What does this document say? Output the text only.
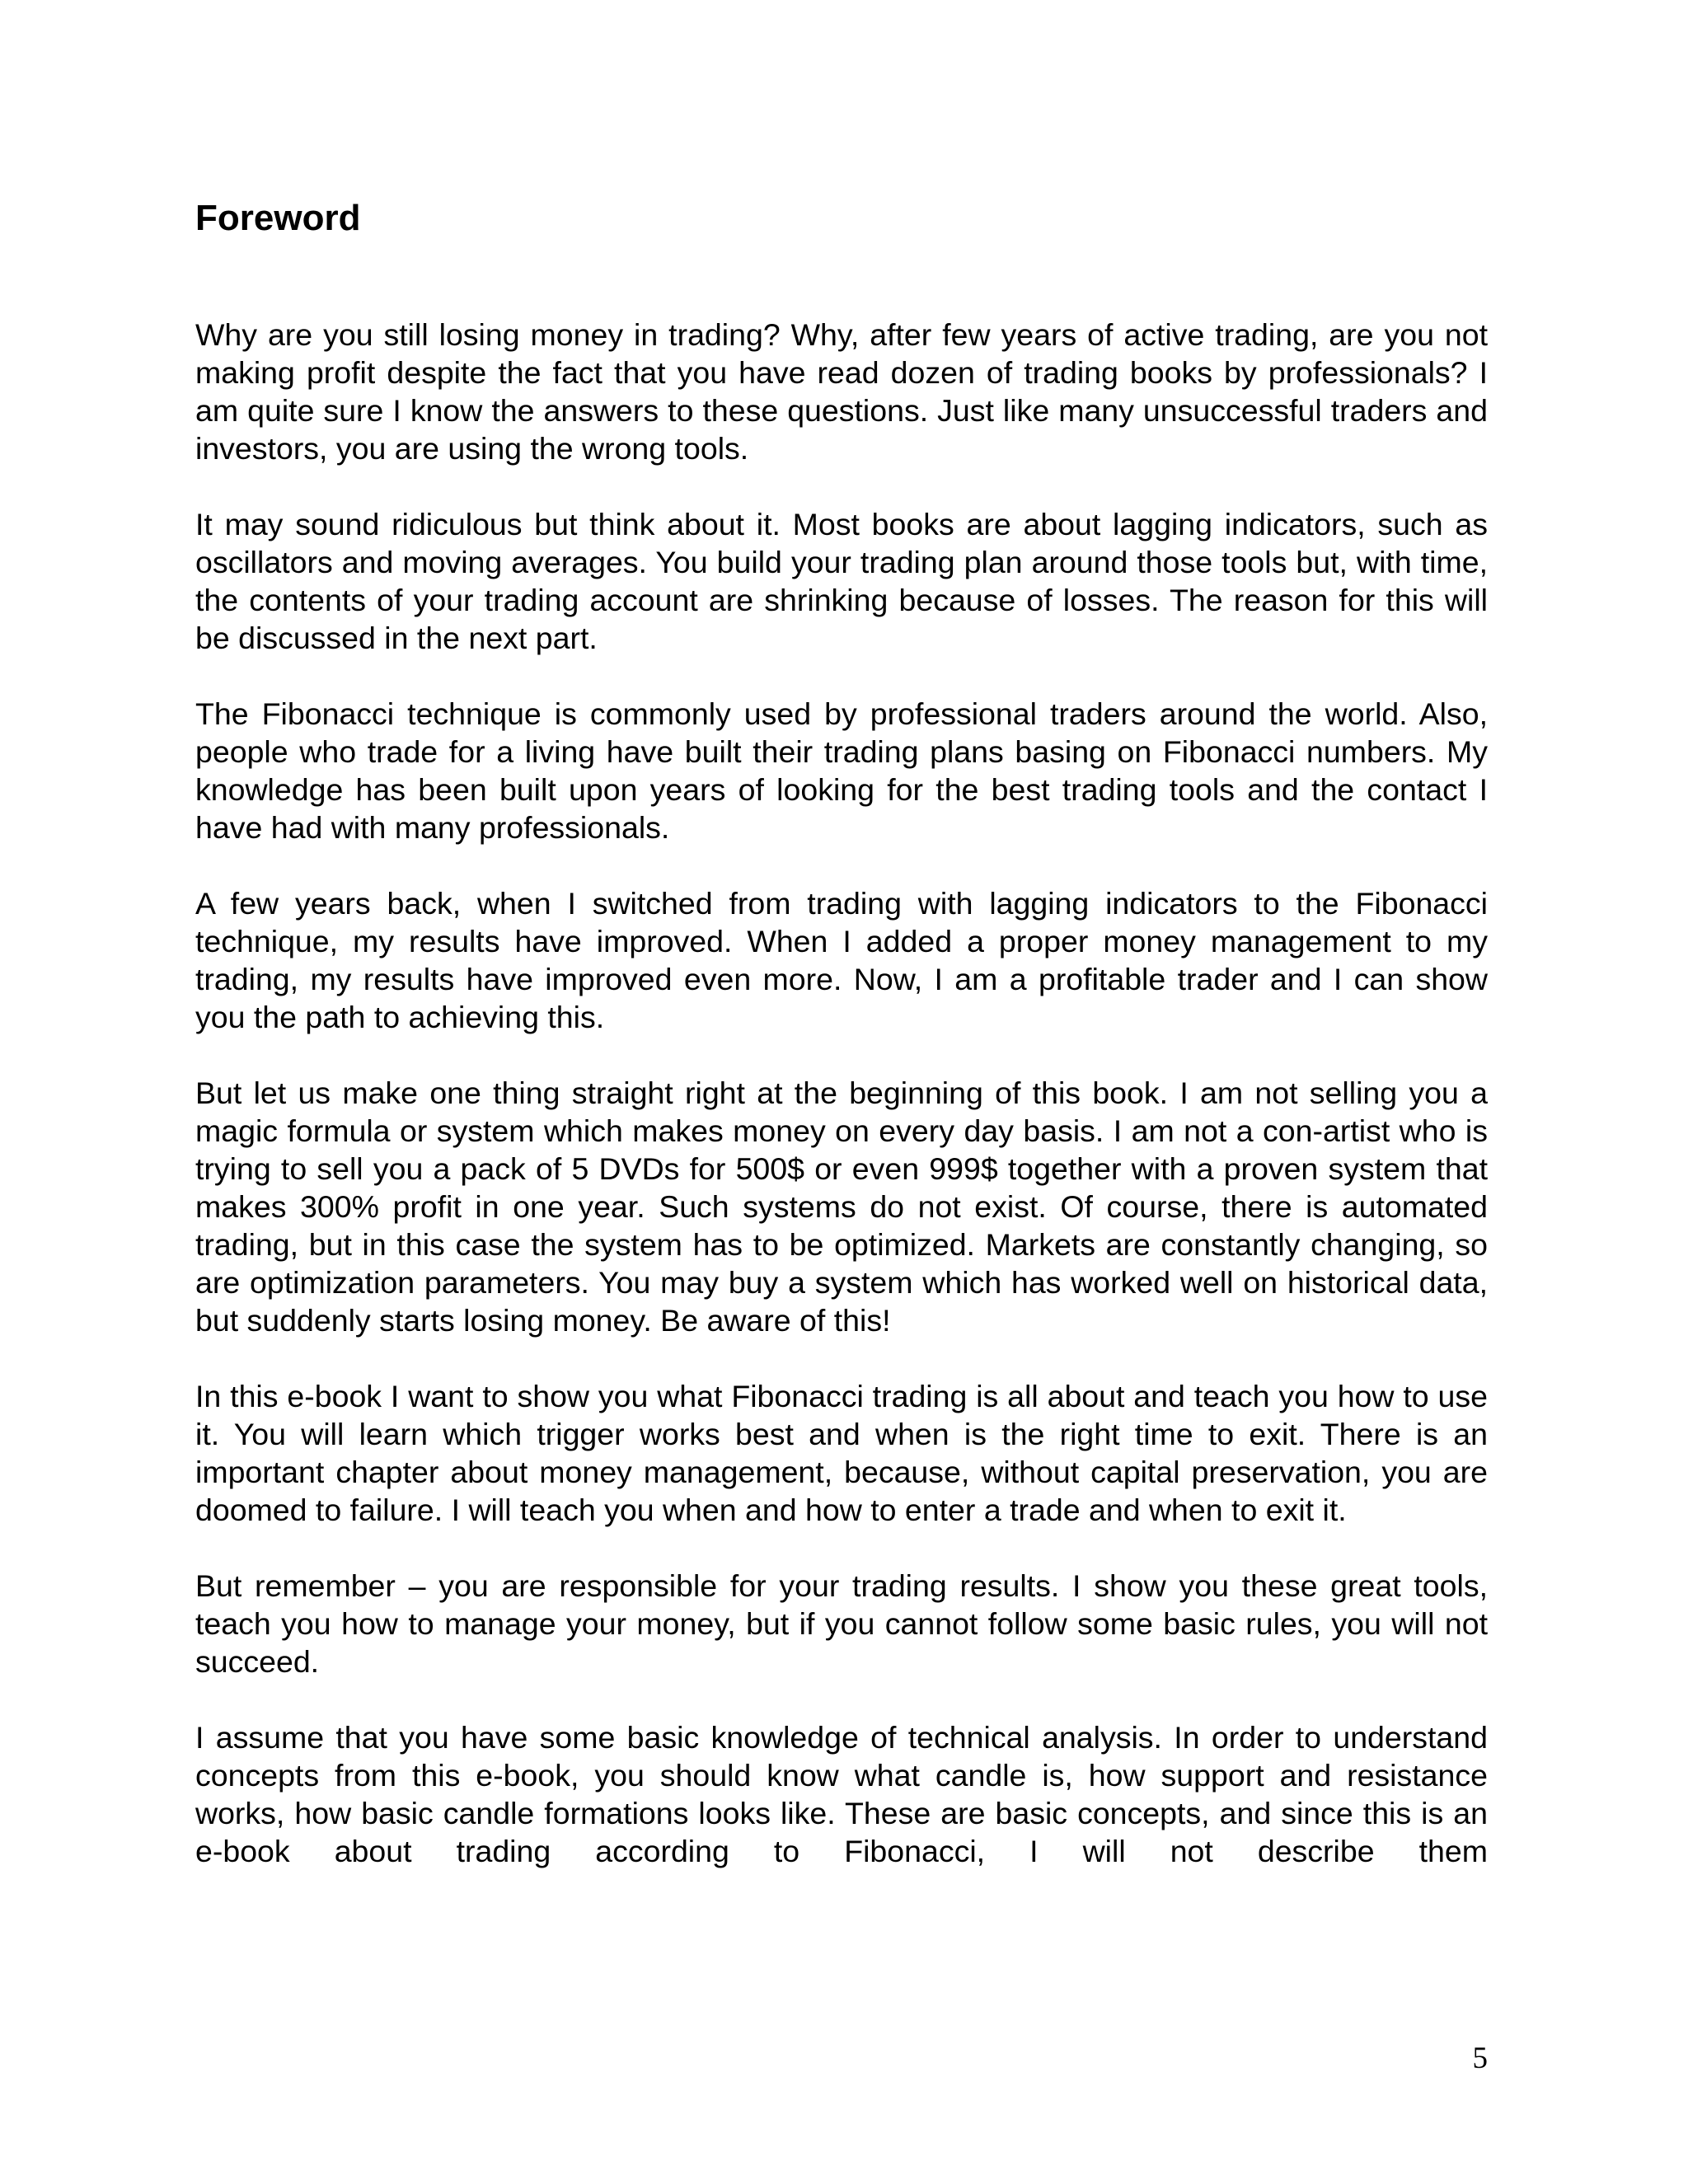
Foreword

Why are you still losing money in trading? Why, after few years of active trading, are you not making profit despite the fact that you have read dozen of trading books by professionals? I am quite sure I know the answers to these questions. Just like many unsuccessful traders and investors, you are using the wrong tools.

It may sound ridiculous but think about it. Most books are about lagging indicators, such as oscillators and moving averages. You build your trading plan around those tools but, with time, the contents of your trading account are shrinking because of losses. The reason for this will be discussed in the next part.

The Fibonacci technique is commonly used by professional traders around the world. Also, people who trade for a living have built their trading plans basing on Fibonacci numbers. My knowledge has been built upon years of looking for the best trading tools and the contact I have had with many professionals.

A few years back, when I switched from trading with lagging indicators to the Fibonacci technique, my results have improved. When I added a proper money management to my trading, my results have improved even more. Now, I am a profitable trader and I can show you the path to achieving this.

But let us make one thing straight right at the beginning of this book. I am not selling you a magic formula or system which makes money on every day basis. I am not a con-artist who is trying to sell you a pack of 5 DVDs for 500$ or even 999$ together with a proven system that makes 300% profit in one year. Such systems do not exist. Of course, there is automated trading, but in this case the system has to be optimized. Markets are constantly changing, so are optimization parameters. You may buy a system which has worked well on historical data, but suddenly starts losing money. Be aware of this!

In this e-book I want to show you what Fibonacci trading is all about and teach you how to use it. You will learn which trigger works best and when is the right time to exit. There is an important chapter about money management, because, without capital preservation, you are doomed to failure. I will teach you when and how to enter a trade and when to exit it.

But remember – you are responsible for your trading results. I show you these great tools, teach you how to manage your money, but if you cannot follow some basic rules, you will not succeed.

I assume that you have some basic knowledge of technical analysis. In order to understand concepts from this e-book, you should know what candle is, how support and resistance works, how basic candle formations looks like. These are basic concepts, and since this is an e-book about trading according to Fibonacci, I will not describe them

5
